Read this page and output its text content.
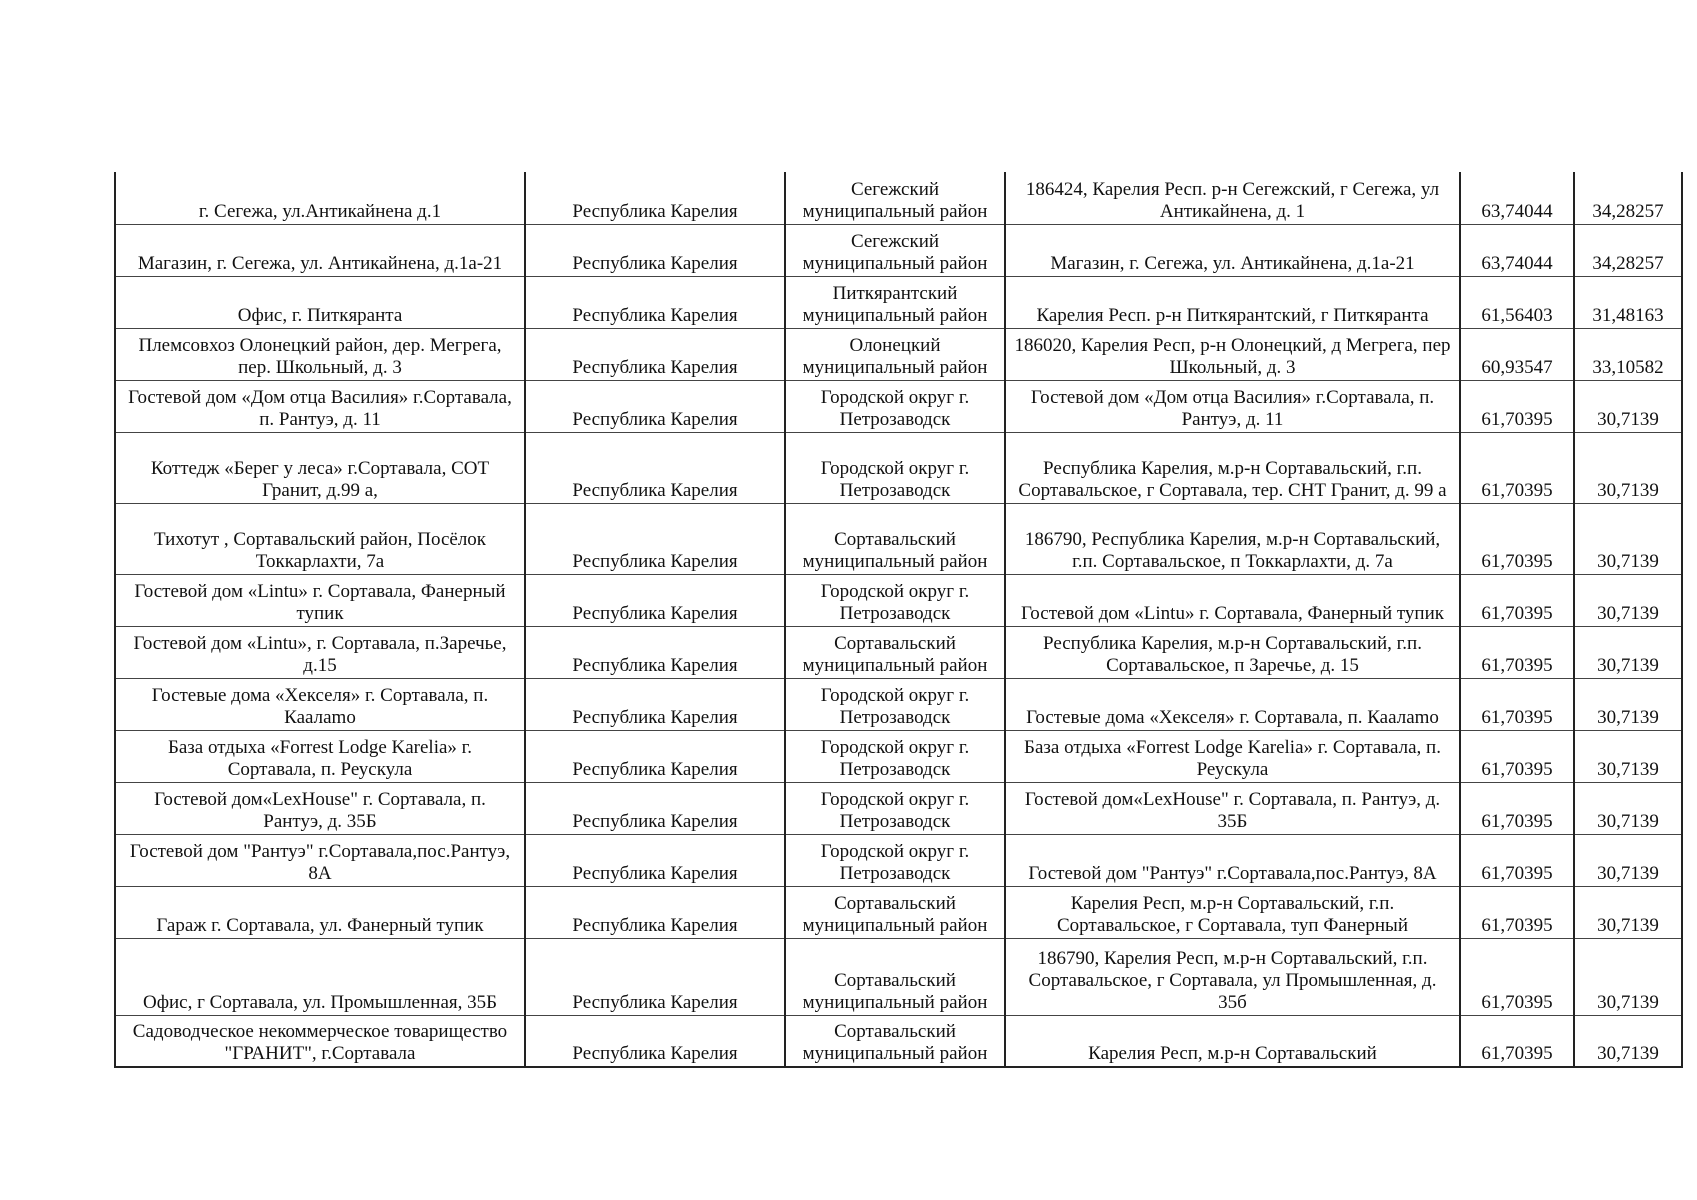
г. Сегежа, ул.Антикайнена д.1	Республика Карелия	Сегежский муниципальный район	186424, Карелия Респ. р-н Сегежский, г Сегежа, ул Антикайнена, д. 1	63,74044	34,28257
Магазин, г. Сегежа, ул. Антикайнена, д.1а-21	Республика Карелия	Сегежский муниципальный район	Магазин, г. Сегежа, ул. Антикайнена, д.1а-21	63,74044	34,28257
Офис, г. Питкяранта	Республика Карелия	Питкярантский муниципальный район	Карелия Респ. р-н Питкярантский, г Питкяранта	61,56403	31,48163
Племсовхоз Олонецкий район, дер. Мегрега, пер. Школьный, д. 3	Республика Карелия	Олонецкий муниципальный район	186020, Карелия Респ, р-н Олонецкий, д Мегрега, пер Школьный, д. 3	60,93547	33,10582
Гостевой дом «Дом отца Василия» г.Сортавала, п. Рантуэ, д. 11	Республика Карелия	Городской округ г. Петрозаводск	Гостевой дом «Дом отца Василия» г.Сортавала, п. Рантуэ, д. 11	61,70395	30,7139
Коттедж «Берег у леса» г.Сортавала, СОТ Гранит, д.99 а,	Республика Карелия	Городской округ г. Петрозаводск	Республика Карелия, м.р-н Сортавальский, г.п. Сортавальское, г Сортавала, тер. СНТ Гранит, д. 99 а	61,70395	30,7139
Тихотут , Сортавальский район, Посёлок Токкарлахти, 7а	Республика Карелия	Сортавальский муниципальный район	186790, Республика Карелия, м.р-н Сортавальский, г.п. Сортавальское, п Токкарлахти, д. 7а	61,70395	30,7139
Гостевой дом «Lintu» г. Сортавала, Фанерный тупик	Республика Карелия	Городской округ г. Петрозаводск	Гостевой дом «Lintu» г. Сортавала, Фанерный тупик	61,70395	30,7139
Гостевой дом «Lintu», г. Сортавала, п.Заречье, д.15	Республика Карелия	Сортавальский муниципальный район	Республика Карелия, м.р-н Сортавальский, г.п. Сортавальское, п Заречье, д. 15	61,70395	30,7139
Гостевые дома «Хекселя» г. Сортавала, п. Каалamo	Республика Карелия	Городской округ г. Петрозаводск	Гостевые дома «Хекселя» г. Сортавала, п. Каалamo	61,70395	30,7139
База отдыха «Forrest Lodge Karelia» г. Сортавала, п. Реускула	Республика Карелия	Городской округ г. Петрозаводск	База отдыха «Forrest Lodge Karelia» г. Сортавала, п. Реускула	61,70395	30,7139
Гостевой дом«LexHouse" г. Сортавала, п. Рантуэ, д. 35Б	Республика Карелия	Городской округ г. Петрозаводск	Гостевой дом«LexHouse" г. Сортавала, п. Рантуэ, д. 35Б	61,70395	30,7139
Гостевой дом "Рантуэ" г.Сортавала,пос.Рантуэ, 8А	Республика Карелия	Городской округ г. Петрозаводск	Гостевой дом "Рантуэ" г.Сортавала,пос.Рантуэ, 8А	61,70395	30,7139
Гараж г. Сортавала, ул. Фанерный тупик	Республика Карелия	Сортавальский муниципальный район	Карелия Респ, м.р-н Сортавальский, г.п. Сортавальское, г Сортавала, туп Фанерный	61,70395	30,7139
Офис, г Сортавала, ул. Промышленная, 35Б	Республика Карелия	Сортавальский муниципальный район	186790, Карелия Респ, м.р-н Сортавальский, г.п. Сортавальское, г Сортавала, ул Промышленная, д. 35б	61,70395	30,7139
Садоводческое некоммерческое товарищество "ГРАНИТ", г.Сортавала	Республика Карелия	Сортавальский муниципальный район	Карелия Респ, м.р-н Сортавальский	61,70395	30,7139
